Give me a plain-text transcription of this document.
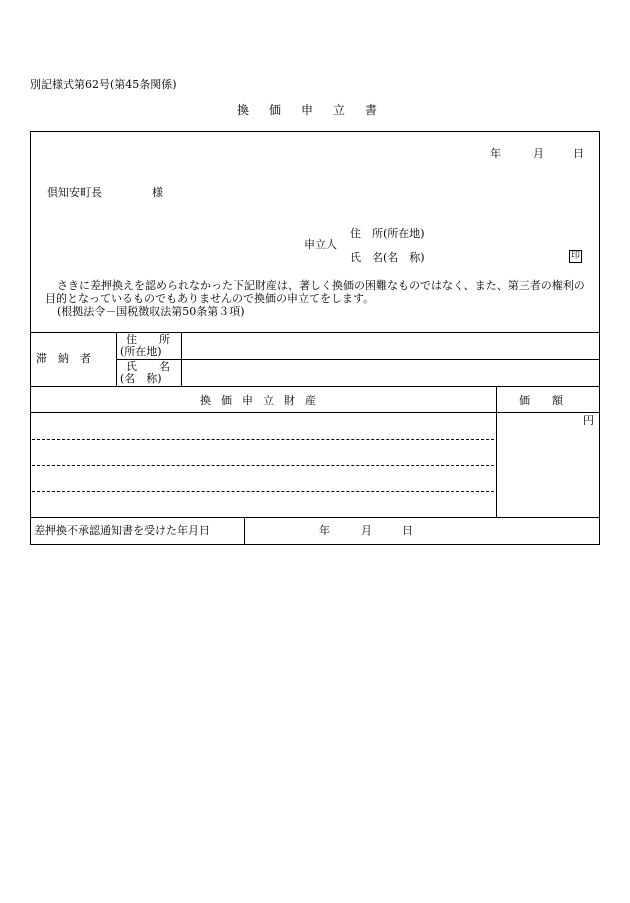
別記様式第62号(第45条関係)
換価申立書
年	月	日
倶知安町長	様
申立人
住　所(所在地)
氏　名(名　称)	印

さきに差押換えを認められなかった下記財産は、著しく換価の困難なものではなく、また、第三者の権利の目的となっているものでもありませんので換価の申立てをします。

(根拠法令－国税徴収法第50条第３項)

滞　納　者
住　　所
(所在地)
氏　　名
(名　称)
換価申立財産	価　　額
円
差押換不承認通知書を受けた年月日	年	月	日
